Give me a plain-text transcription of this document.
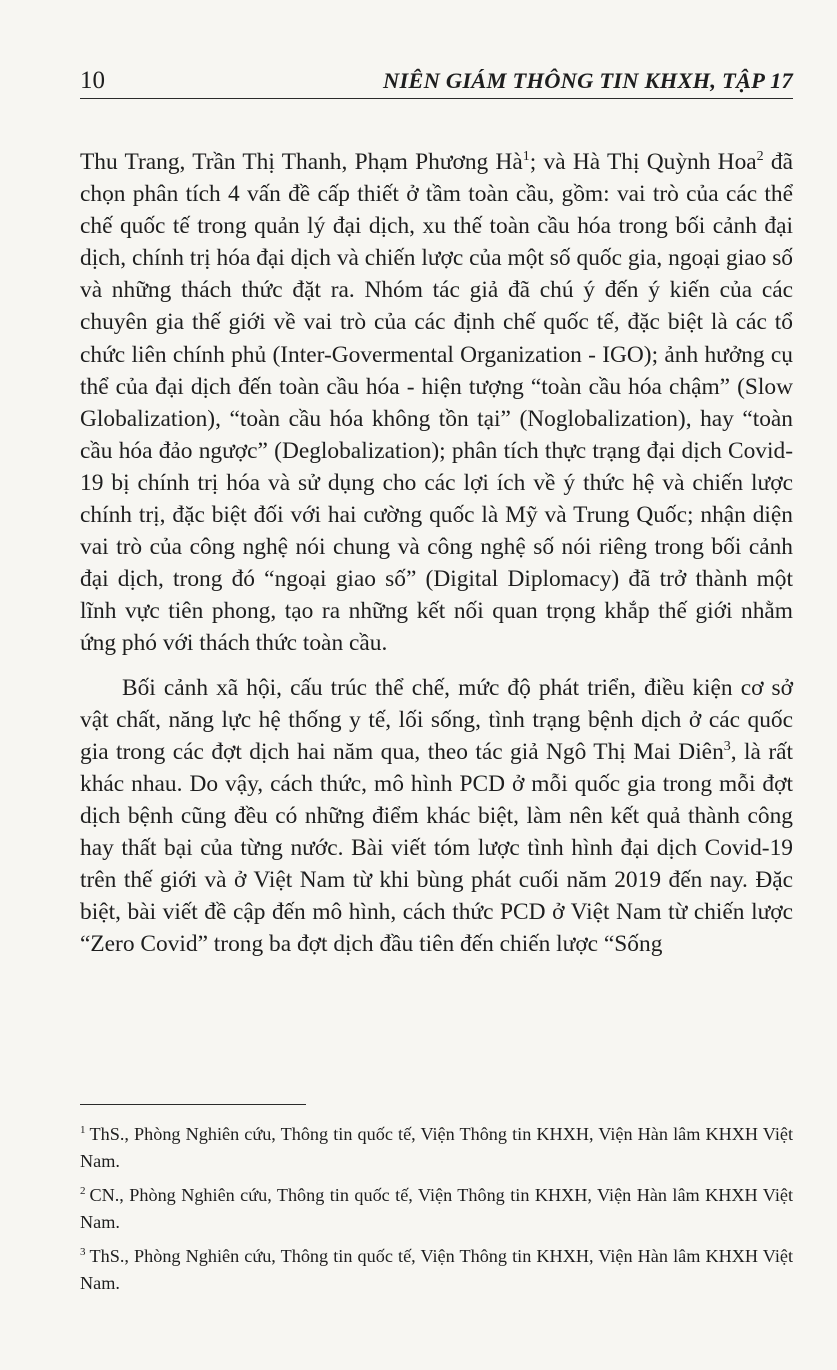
10	NIÊN GIÁM THÔNG TIN KHXH, TẬP 17

Thu Trang, Trần Thị Thanh, Phạm Phương $Hà^1$; và Hà Thị Quỳnh Hoa$^2$ đã chọn phân tích 4 vấn đề cấp thiết ở tầm toàn cầu, gồm: vai trò của các thể chế quốc tế trong quản lý đại dịch, xu thế toàn cầu hóa trong bối cảnh đại dịch, chính trị hóa đại dịch và chiến lược của một số quốc gia, ngoại giao số và những thách thức đặt ra. Nhóm tác giả đã chú ý đến ý kiến của các chuyên gia thế giới về vai trò của các định chế quốc tế, đặc biệt là các tổ chức liên chính phủ (Inter-Govermental Organization - IGO); ảnh hưởng cụ thể của đại dịch đến toàn cầu hóa - hiện tượng “toàn cầu hóa chậm” (Slow Globalization), “toàn cầu hóa không tồn tại” (Noglobalization), hay “toàn cầu hóa đảo ngược” (Deglobalization); phân tích thực trạng đại dịch Covid-19 bị chính trị hóa và sử dụng cho các lợi ích về ý thức hệ và chiến lược chính trị, đặc biệt đối với hai cường quốc là Mỹ và Trung Quốc; nhận diện vai trò của công nghệ nói chung và công nghệ số nói riêng trong bối cảnh đại dịch, trong đó “ngoại giao số” (Digital Diplomacy) đã trở thành một lĩnh vực tiên phong, tạo ra những kết nối quan trọng khắp thế giới nhằm ứng phó với thách thức toàn cầu.

Bối cảnh xã hội, cấu trúc thể chế, mức độ phát triển, điều kiện cơ sở vật chất, năng lực hệ thống y tế, lối sống, tình trạng bệnh dịch ở các quốc gia trong các đợt dịch hai năm qua, theo tác giả Ngô Thị Mai Diên$^3$, là rất khác nhau. Do vậy, cách thức, mô hình PCD ở mỗi quốc gia trong mỗi đợt dịch bệnh cũng đều có những điểm khác biệt, làm nên kết quả thành công hay thất bại của từng nước. Bài viết tóm lược tình hình đại dịch Covid-19 trên thế giới và ở Việt Nam từ khi bùng phát cuối năm 2019 đến nay. Đặc biệt, bài viết đề cập đến mô hình, cách thức PCD ở Việt Nam từ chiến lược “Zero Covid” trong ba đợt dịch đầu tiên đến chiến lược “Sống

$^1$ ThS., Phòng Nghiên cứu, Thông tin quốc tế, Viện Thông tin KHXH, Viện Hàn lâm KHXH Việt Nam.

$^2$ CN., Phòng Nghiên cứu, Thông tin quốc tế, Viện Thông tin KHXH, Viện Hàn lâm KHXH Việt Nam.

$^3$ ThS., Phòng Nghiên cứu, Thông tin quốc tế, Viện Thông tin KHXH, Viện Hàn lâm KHXH Việt Nam.
